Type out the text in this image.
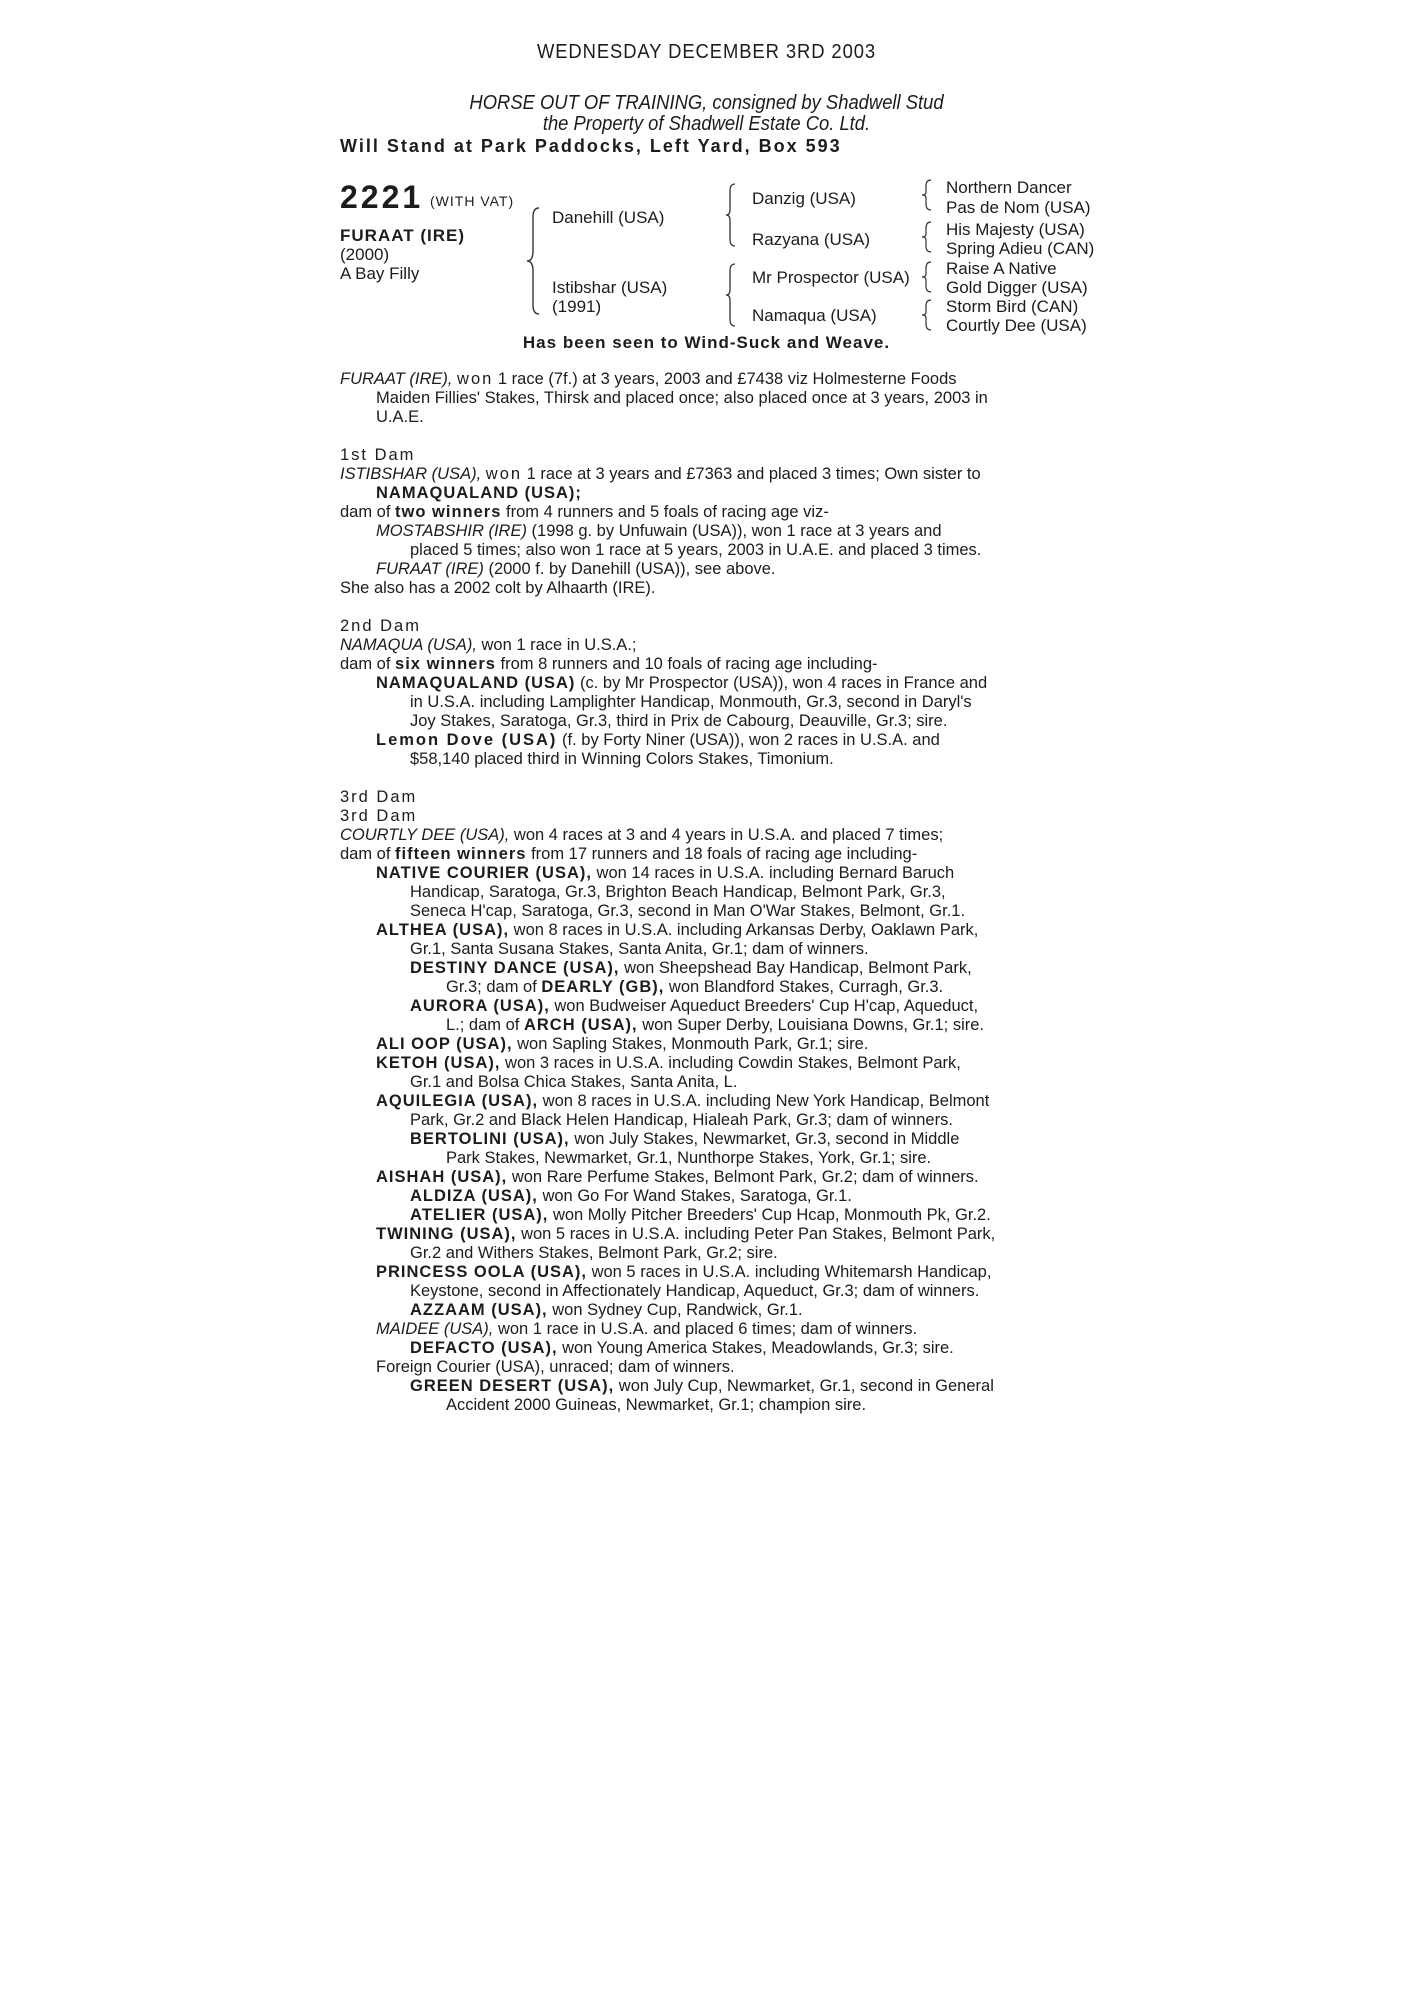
WEDNESDAY DECEMBER 3RD 2003
HORSE OUT OF TRAINING, consigned by Shadwell Stud
the Property of Shadwell Estate Co. Ltd.
Will Stand at Park Paddocks, Left Yard, Box 593
2221 (WITH VAT)
FURAAT (IRE)
(2000)
A Bay Filly
Danehill (USA)
Istibshar (USA)
(1991)
Danzig (USA)
Razyana (USA)
Mr Prospector (USA)
Namaqua (USA)
Northern Dancer
Pas de Nom (USA)
His Majesty (USA)
Spring Adieu (CAN)
Raise A Native
Gold Digger (USA)
Storm Bird (CAN)
Courtly Dee (USA)
Has been seen to Wind-Suck and Weave.
FURAAT (IRE), won 1 race (7f.) at 3 years, 2003 and £7438 viz Holmesterne Foods
Maiden Fillies' Stakes, Thirsk and placed once; also placed once at 3 years, 2003 in
U.A.E.
1st Dam
ISTIBSHAR (USA), won 1 race at 3 years and £7363 and placed 3 times; Own sister to
NAMAQUALAND (USA);
dam of two winners from 4 runners and 5 foals of racing age viz-
MOSTABSHIR (IRE) (1998 g. by Unfuwain (USA)), won 1 race at 3 years and
placed 5 times; also won 1 race at 5 years, 2003 in U.A.E. and placed 3 times.
FURAAT (IRE) (2000 f. by Danehill (USA)), see above.
She also has a 2002 colt by Alhaarth (IRE).
2nd Dam
NAMAQUA (USA), won 1 race in U.S.A.;
dam of six winners from 8 runners and 10 foals of racing age including-
NAMAQUALAND (USA) (c. by Mr Prospector (USA)), won 4 races in France and
in U.S.A. including Lamplighter Handicap, Monmouth, Gr.3, second in Daryl's
Joy Stakes, Saratoga, Gr.3, third in Prix de Cabourg, Deauville, Gr.3; sire.
Lemon Dove (USA) (f. by Forty Niner (USA)), won 2 races in U.S.A. and
$58,140 placed third in Winning Colors Stakes, Timonium.
3rd Dam
3rd Dam
COURTLY DEE (USA), won 4 races at 3 and 4 years in U.S.A. and placed 7 times;
dam of fifteen winners from 17 runners and 18 foals of racing age including-
NATIVE COURIER (USA), won 14 races in U.S.A. including Bernard Baruch
Handicap, Saratoga, Gr.3, Brighton Beach Handicap, Belmont Park, Gr.3,
Seneca H'cap, Saratoga, Gr.3, second in Man O'War Stakes, Belmont, Gr.1.
ALTHEA (USA), won 8 races in U.S.A. including Arkansas Derby, Oaklawn Park,
Gr.1, Santa Susana Stakes, Santa Anita, Gr.1; dam of winners.
DESTINY DANCE (USA), won Sheepshead Bay Handicap, Belmont Park,
Gr.3; dam of DEARLY (GB), won Blandford Stakes, Curragh, Gr.3.
AURORA (USA), won Budweiser Aqueduct Breeders' Cup H'cap, Aqueduct,
L.; dam of ARCH (USA), won Super Derby, Louisiana Downs, Gr.1; sire.
ALI OOP (USA), won Sapling Stakes, Monmouth Park, Gr.1; sire.
KETOH (USA), won 3 races in U.S.A. including Cowdin Stakes, Belmont Park,
Gr.1 and Bolsa Chica Stakes, Santa Anita, L.
AQUILEGIA (USA), won 8 races in U.S.A. including New York Handicap, Belmont
Park, Gr.2 and Black Helen Handicap, Hialeah Park, Gr.3; dam of winners.
BERTOLINI (USA), won July Stakes, Newmarket, Gr.3, second in Middle
Park Stakes, Newmarket, Gr.1, Nunthorpe Stakes, York, Gr.1; sire.
AISHAH (USA), won Rare Perfume Stakes, Belmont Park, Gr.2; dam of winners.
ALDIZA (USA), won Go For Wand Stakes, Saratoga, Gr.1.
ATELIER (USA), won Molly Pitcher Breeders' Cup Hcap, Monmouth Pk, Gr.2.
TWINING (USA), won 5 races in U.S.A. including Peter Pan Stakes, Belmont Park,
Gr.2 and Withers Stakes, Belmont Park, Gr.2; sire.
PRINCESS OOLA (USA), won 5 races in U.S.A. including Whitemarsh Handicap,
Keystone, second in Affectionately Handicap, Aqueduct, Gr.3; dam of winners.
AZZAAM (USA), won Sydney Cup, Randwick, Gr.1.
MAIDEE (USA), won 1 race in U.S.A. and placed 6 times; dam of winners.
DEFACTO (USA), won Young America Stakes, Meadowlands, Gr.3; sire.
Foreign Courier (USA), unraced; dam of winners.
GREEN DESERT (USA), won July Cup, Newmarket, Gr.1, second in General
Accident 2000 Guineas, Newmarket, Gr.1; champion sire.
